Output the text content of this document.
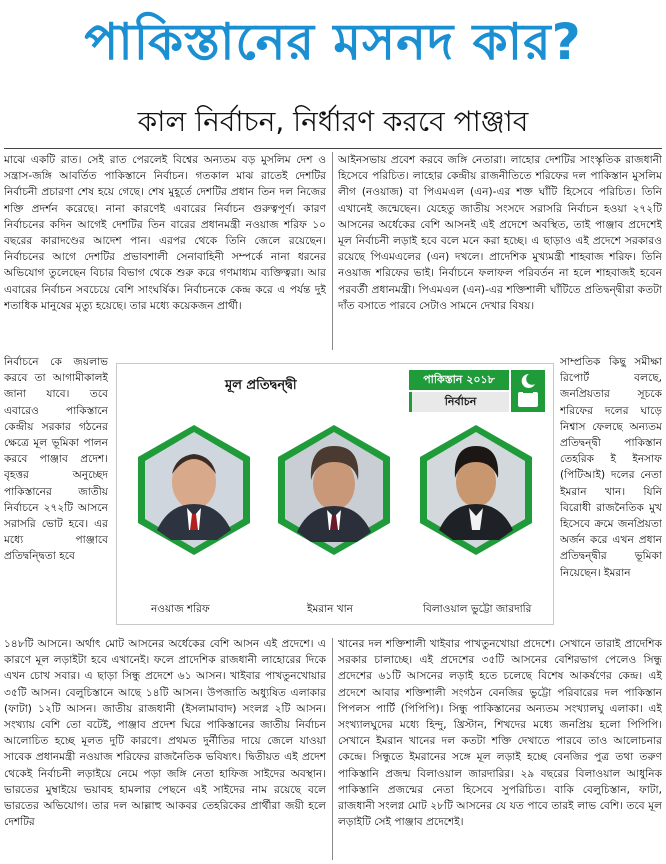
পাকিস্তানের মসনদ কার?
কাল নির্বাচন, নির্ধারণ করবে পাঞ্জাব

মাঝে একটি রাত। সেই রাত পেরলেই বিশ্বের অন্যতম বড় মুসলিম দেশ ও সন্ত্রাস-জঙ্গি আবর্তিত পাকিস্তানে নির্বাচন। গতকাল মাঝ রাতেই দেশটির নির্বাচনী প্রচারণা শেষ হয়ে গেছে। শেষ মুহূর্তে দেশটির প্রধান তিন দল নিজের শক্তি প্রদর্শন করেছে। নানা কারণেই এবারের নির্বাচন গুরুত্বপূর্ণ। কারণ নির্বাচনের কদিন আগেই দেশটির তিন বারের প্রধানমন্ত্রী নওয়াজ শরিফ ১০ বছরের কারাদণ্ডের আদেশ পান। এরপর থেকে তিনি জেলে রয়েছেন। নির্বাচনের আগে দেশটির প্রভাবশালী সেনাবাহিনী সম্পর্কে নানা ধরনের অভিযোগ তুলেছেন বিচার বিভাগ থেকে শুরু করে গণমাধ্যম ব্যক্তিত্বরা। আর এবারের নির্বাচন সবচেয়ে বেশি সাংঘর্ষিক। নির্বাচনকে কেন্দ্র করে এ পর্যন্ত দুই শতাধিক মানুষের মৃত্যু হয়েছে। তার মধ্যে কয়েকজন প্রার্থী।

আইনসভায় প্রবেশ করবে জঙ্গি নেতারা। লাহোর দেশটির সাংস্কৃতিক রাজধানী হিসেবে পরিচিত। লাহোর কেন্দ্রীয় রাজনীতিতে শরিফের দল পাকিস্তান মুসলিম লীগ (নওয়াজ) বা পিএমএল (এন)-এর শক্ত ঘাঁটি হিসেবে পরিচিত। তিনি এখানেই জন্মেছেন। যেহেতু জাতীয় সংসদে সরাসরি নির্বাচন হওয়া ২৭২টি আসনের অর্ধেকের বেশি আসনই এই প্রদেশে অবস্থিত, তাই পাঞ্জাব প্রদেশেই মূল নির্বাচনী লড়াই হবে বলে মনে করা হচ্ছে। এ ছাড়াও এই প্রদেশে সরকারও রয়েছে পিএমএলের (এন) দখলে। প্রাদেশিক মুখ্যমন্ত্রী শাহবাজ শরিফ। তিনি নওয়াজ শরিফের ভাই। নির্বাচনে ফলাফল পরিবর্তন না হলে শাহবাজই হবেন পরবর্তী প্রধানমন্ত্রী। পিএমএল (এন)-এর শক্তিশালী ঘাঁটিতে প্রতিদ্বন্দ্বীরা কতটা দাঁত বসাতে পারবে সেটাও সামনে দেখার বিষয়।

নির্বাচনে কে জয়লাভ করবে তা আগামীকালই জানা যাবে। তবে এবারেও পাকিস্তানে কেন্দ্রীয় সরকার গঠনের ক্ষেত্রে মূল ভূমিকা পালন করবে পাঞ্জাব প্রদেশ। বৃহত্তর অনুচ্ছেদ পাকিস্তানের জাতীয় নির্বাচনে ২৭২টি আসনে সরাসরি ভোট হবে। এর মধ্যে পাঞ্জাবে প্রতিদ্বন্দ্বিতা হবে

সাম্প্রতিক কিছু সমীক্ষা রিপোর্ট বলছে, জনপ্রিয়তার সূচকে শরিফের দলের ঘাড়ে নিশ্বাস ফেলছে অন্যতম প্রতিদ্বন্দ্বী পাকিস্তান তেহরিক ই ইনসাফ (পিটিআই) দলের নেতা ইমরান খান। যিনি বিরোধী রাজনৈতিক মুখ হিসেবে ক্রমে জনপ্রিয়তা অর্জন করে এখন প্রধান প্রতিদ্বন্দ্বীর ভূমিকা নিয়েছেন। ইমরান

মূল প্রতিদ্বন্দ্বী	পাকিস্তান ২০১৮
নির্বাচন
নওয়াজ শরিফ	ইমরান খান	বিলাওয়াল ভুট্টো জারদারি

১৪৮টি আসনে। অর্থাৎ মোট আসনের অর্ধেকের বেশি আসন এই প্রদেশে। এ কারণে মূল লড়াইটা হবে এখানেই। ফলে প্রাদেশিক রাজধানী লাহোরের দিকে এখন চোখ সবার। এ ছাড়া সিন্ধু প্রদেশে ৬১ আসন। খাইবার পাখতুনখোয়ার ৩৫টি আসন। বেলুচিস্তানে আছে ১৪টি আসন। উপজাতি অধ্যুষিত এলাকার (ফাটা) ১২টি আসন। জাতীয় রাজধানী (ইসলামাবাদ) সংলগ্ন ২টি আসন। সংখ্যায় বেশি তো বটেই, পাঞ্জাব প্রদেশ ঘিরে পাকিস্তানের জাতীয় নির্বাচন আলোচিত হচ্ছে মূলত দুটি কারণে। প্রথমত দুর্নীতির দায়ে জেলে যাওয়া সাবেক প্রধানমন্ত্রী নওয়াজ শরিফের রাজনৈতিক ভবিষ্যৎ। দ্বিতীয়ত এই প্রদেশ থেকেই নির্বাচনী লড়াইয়ে নেমে পড়া জঙ্গি নেতা হাফিজ সাইদের অবস্থান। ভারতের মুম্বাইয়ে ভয়াবহ হামলার পেছনে এই সাইদের নাম রয়েছে বলে ভারতের অভিযোগ। তার দল আল্লাহু আকবর তেহরিকের প্রার্থীরা জয়ী হলে দেশটির

খানের দল শক্তিশালী খাইবার পাখতুনখোয়া প্রদেশে। সেখানে তারাই প্রাদেশিক সরকার চালাচ্ছে। এই প্রদেশের ৩৫টি আসনের বেশিরভাগ পেলেও সিন্ধু প্রদেশের ৬১টি আসনের লড়াই হতে চলেছে বিশেষ আকর্ষণের কেন্দ্র। এই প্রদেশে আবার শক্তিশালী সংগঠন বেনজির ভুট্টো পরিবারের দল পাকিস্তান পিপলস পার্টি (পিপিপি)। সিন্ধু পাকিস্তানের অন্যতম সংখ্যালঘু এলাকা। এই সংখ্যালঘুদের মধ্যে হিন্দু, খ্রিস্টান, শিখদের মধ্যে জনপ্রিয় হলো পিপিপি। সেখানে ইমরান খানের দল কতটা শক্তি দেখাতে পারবে তাও আলোচনার কেন্দ্রে। সিন্ধুতে ইমরানের সঙ্গে মূল লড়াই হচ্ছে বেনজির পুত্র তথা তরুণ পাকিস্তানি প্রজন্ম বিলাওয়াল জারদারির। ২৯ বছরের বিলাওয়াল আধুনিক পাকিস্তানি প্রজন্মের নেতা হিসেবে সুপরিচিত। বাকি বেলুচিস্তান, ফাটা, রাজধানী সংলগ্ন মোট ২৮টি আসনের যে যত পাবে তারই লাভ বেশি। তবে মূল লড়াইটি সেই পাঞ্জাব প্রদেশেই।
